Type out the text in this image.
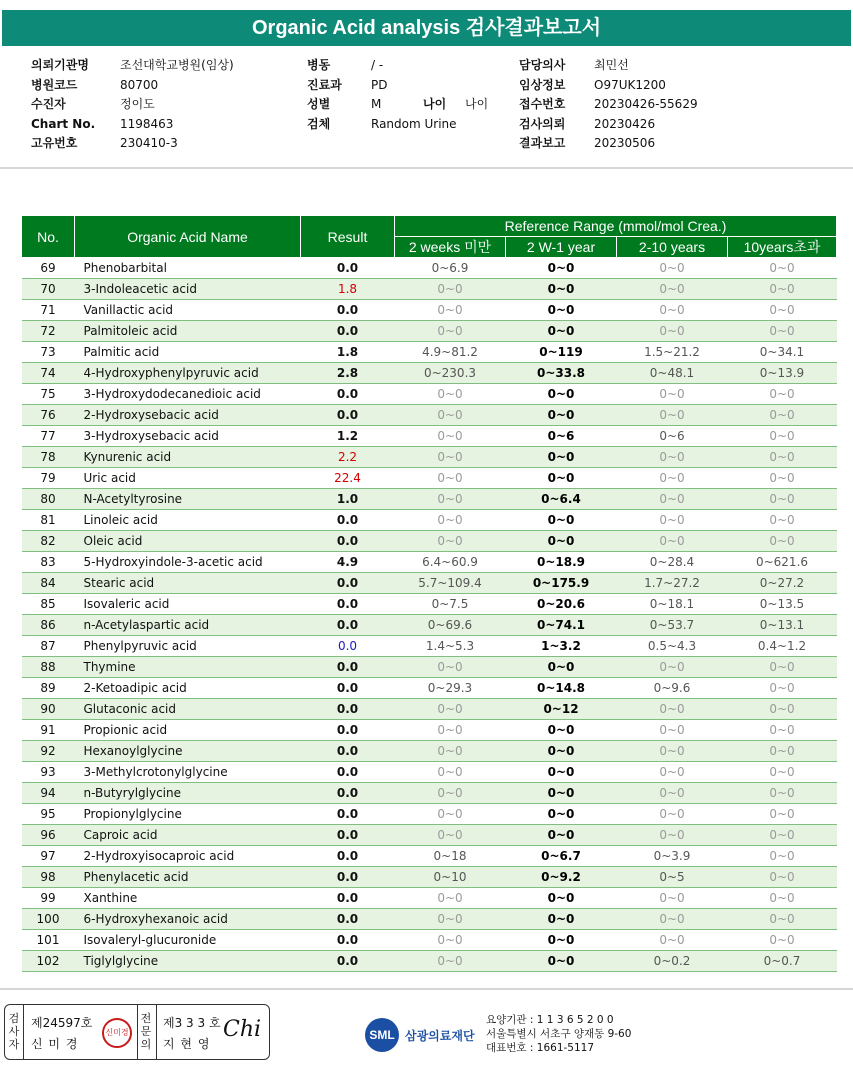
Organic Acid analysis 검사결과보고서
의뢰기관명	조선대학교병원(임상)
병원코드	80700
수진자	정이도
Chart No.	1198463
고유번호	230410-3
병동	/ -
진료과	PD
성별	M	나이	나이
검체	Random Urine
담당의사	최민선
임상정보	O97UK1200
접수번호	20230426-55629
검사의뢰	20230426
결과보고	20230506
No.	Organic Acid Name	Result	Reference Range (mmol/mol Crea.)			
			2 weeks 미만	2 W-1 year	2-10 years	10years초과
69	Phenobarbital	0.0	0~6.9	0~0	0~0	0~0
70	3-Indoleacetic acid	1.8	0~0	0~0	0~0	0~0
71	Vanillactic acid	0.0	0~0	0~0	0~0	0~0
72	Palmitoleic acid	0.0	0~0	0~0	0~0	0~0
73	Palmitic acid	1.8	4.9~81.2	0~119	1.5~21.2	0~34.1
74	4-Hydroxyphenylpyruvic acid	2.8	0~230.3	0~33.8	0~48.1	0~13.9
75	3-Hydroxydodecanedioic acid	0.0	0~0	0~0	0~0	0~0
76	2-Hydroxysebacic acid	0.0	0~0	0~0	0~0	0~0
77	3-Hydroxysebacic acid	1.2	0~0	0~6	0~6	0~0
78	Kynurenic acid	2.2	0~0	0~0	0~0	0~0
79	Uric acid	22.4	0~0	0~0	0~0	0~0
80	N-Acetyltyrosine	1.0	0~0	0~6.4	0~0	0~0
81	Linoleic acid	0.0	0~0	0~0	0~0	0~0
82	Oleic acid	0.0	0~0	0~0	0~0	0~0
83	5-Hydroxyindole-3-acetic acid	4.9	6.4~60.9	0~18.9	0~28.4	0~621.6
84	Stearic acid	0.0	5.7~109.4	0~175.9	1.7~27.2	0~27.2
85	Isovaleric acid	0.0	0~7.5	0~20.6	0~18.1	0~13.5
86	n-Acetylaspartic acid	0.0	0~69.6	0~74.1	0~53.7	0~13.1
87	Phenylpyruvic acid	0.0	1.4~5.3	1~3.2	0.5~4.3	0.4~1.2
88	Thymine	0.0	0~0	0~0	0~0	0~0
89	2-Ketoadipic acid	0.0	0~29.3	0~14.8	0~9.6	0~0
90	Glutaconic acid	0.0	0~0	0~12	0~0	0~0
91	Propionic acid	0.0	0~0	0~0	0~0	0~0
92	Hexanoylglycine	0.0	0~0	0~0	0~0	0~0
93	3-Methylcrotonylglycine	0.0	0~0	0~0	0~0	0~0
94	n-Butyrylglycine	0.0	0~0	0~0	0~0	0~0
95	Propionylglycine	0.0	0~0	0~0	0~0	0~0
96	Caproic acid	0.0	0~0	0~0	0~0	0~0
97	2-Hydroxyisocaproic acid	0.0	0~18	0~6.7	0~3.9	0~0
98	Phenylacetic acid	0.0	0~10	0~9.2	0~5	0~0
99	Xanthine	0.0	0~0	0~0	0~0	0~0
100	6-Hydroxyhexanoic acid	0.0	0~0	0~0	0~0	0~0
101	Isovaleryl-glucuronide	0.0	0~0	0~0	0~0	0~0
102	Tiglylglycine	0.0	0~0	0~0	0~0.2	0~0.7
검사자
제24597호
신 미 경
신미경
전문의
제3 3 3 호
지 현 영
Chi	SML 삼광의료재단
요양기관 : 1 1 3 6 5 2 0 0
서울특별시 서초구 양재동 9-60
대표번호 : 1661-5117
